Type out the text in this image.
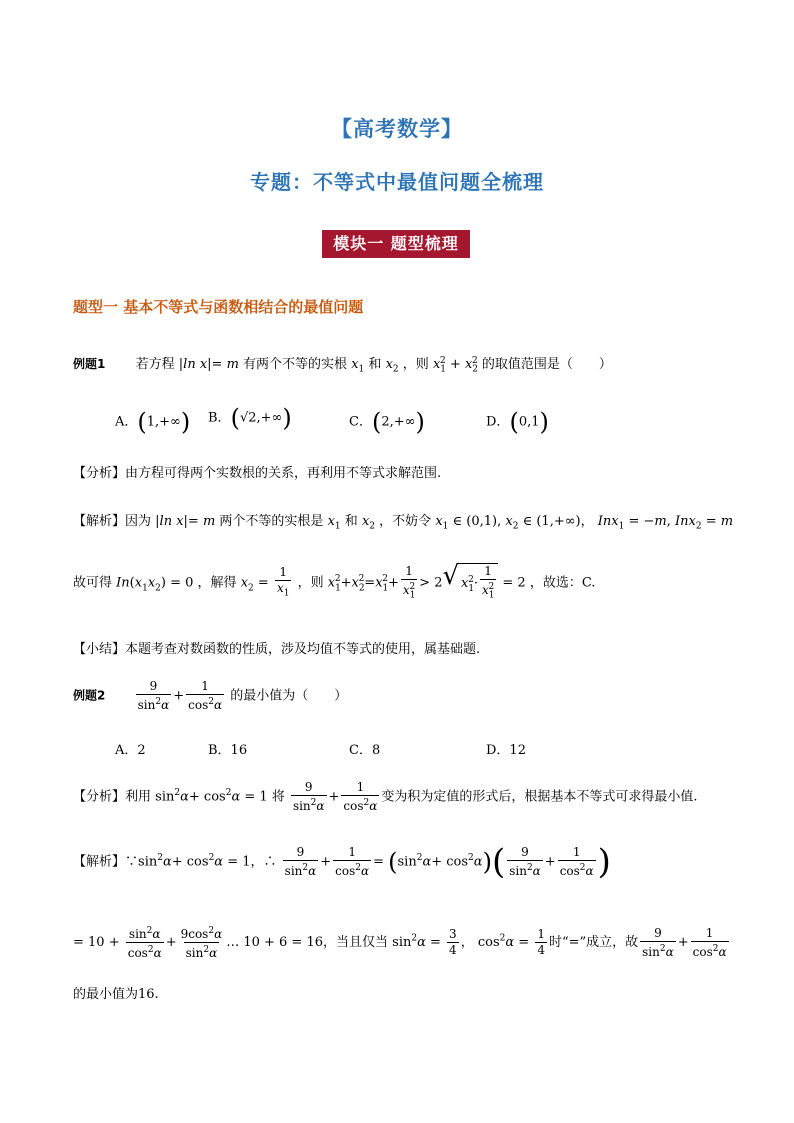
【高考数学】
专题：不等式中最值问题全梳理
模块一 题型梳理
题型一 基本不等式与函数相结合的最值问题
例题1 若方程 |ln x|= m 有两个不等的实根 $x_1$ 和 $x_2$ ，则 $x_1^2 + x_2^2$ 的取值范围是（　　）
A．(1,+∞) B．(√2,+∞)	C．(2,+∞)	D．(0,1)
【分析】由方程可得两个实数根的关系，再利用不等式求解范围.
【解析】因为 |ln x|= m 两个不等的实根是 $x_1$ 和 $x_2$ ，不妨令 $x_1$ ∈ (0,1), $x_2$ ∈ (1,+∞)， Inx$_1$ = −m, Inx$_2$ = m
故可得 $In(x_1x_2) = 0$ ，解得 $x_2 = \frac{1}{x_1}$ ，则 $x_1^2+x_2^2=x_1^2+ \frac{1}{x_1^2} > 2$ √ $x_1^2\cdot \frac{1}{x_1^2} = 2$ ，故选：C.
【小结】本题考查对数函数的性质，涉及均值不等式的使用，属基础题.
例题2	$\frac{9}{\sin^2\alpha} + \frac{1}{\cos^2\alpha}$ 的最小值为（　　）
A．2	B．16	C．8	D．12
【分析】利用 $\sin^2\alpha+ \cos^2\alpha = 1$ 将 $\frac{9}{\sin^2\alpha} + \frac{1}{\cos^2\alpha}$ 变为积为定值的形式后，根据基本不等式可求得最小值.
【解析】$\because\sin^2\alpha+ \cos^2\alpha = 1$，∴ $\frac{9}{\sin^2\alpha} + \frac{1}{\cos^2\alpha} = (\sin^2\alpha+ \cos^2\alpha)( \frac{9}{\sin^2\alpha} + \frac{1}{\cos^2\alpha}$ )
= $10 + \frac{\sin^2\alpha}{\cos^2\alpha} + \frac{9\cos^2\alpha}{\sin^2\alpha}$ … 10 + 6 = 16，当且仅当 $\sin^2\alpha = \frac{3}{4}$ ， $\cos^2\alpha = \frac{1}{4}$ 时“=”成立，故 $\frac{9}{\sin^2\alpha} + \frac{1}{\cos^2\alpha}$
的最小值为16.
